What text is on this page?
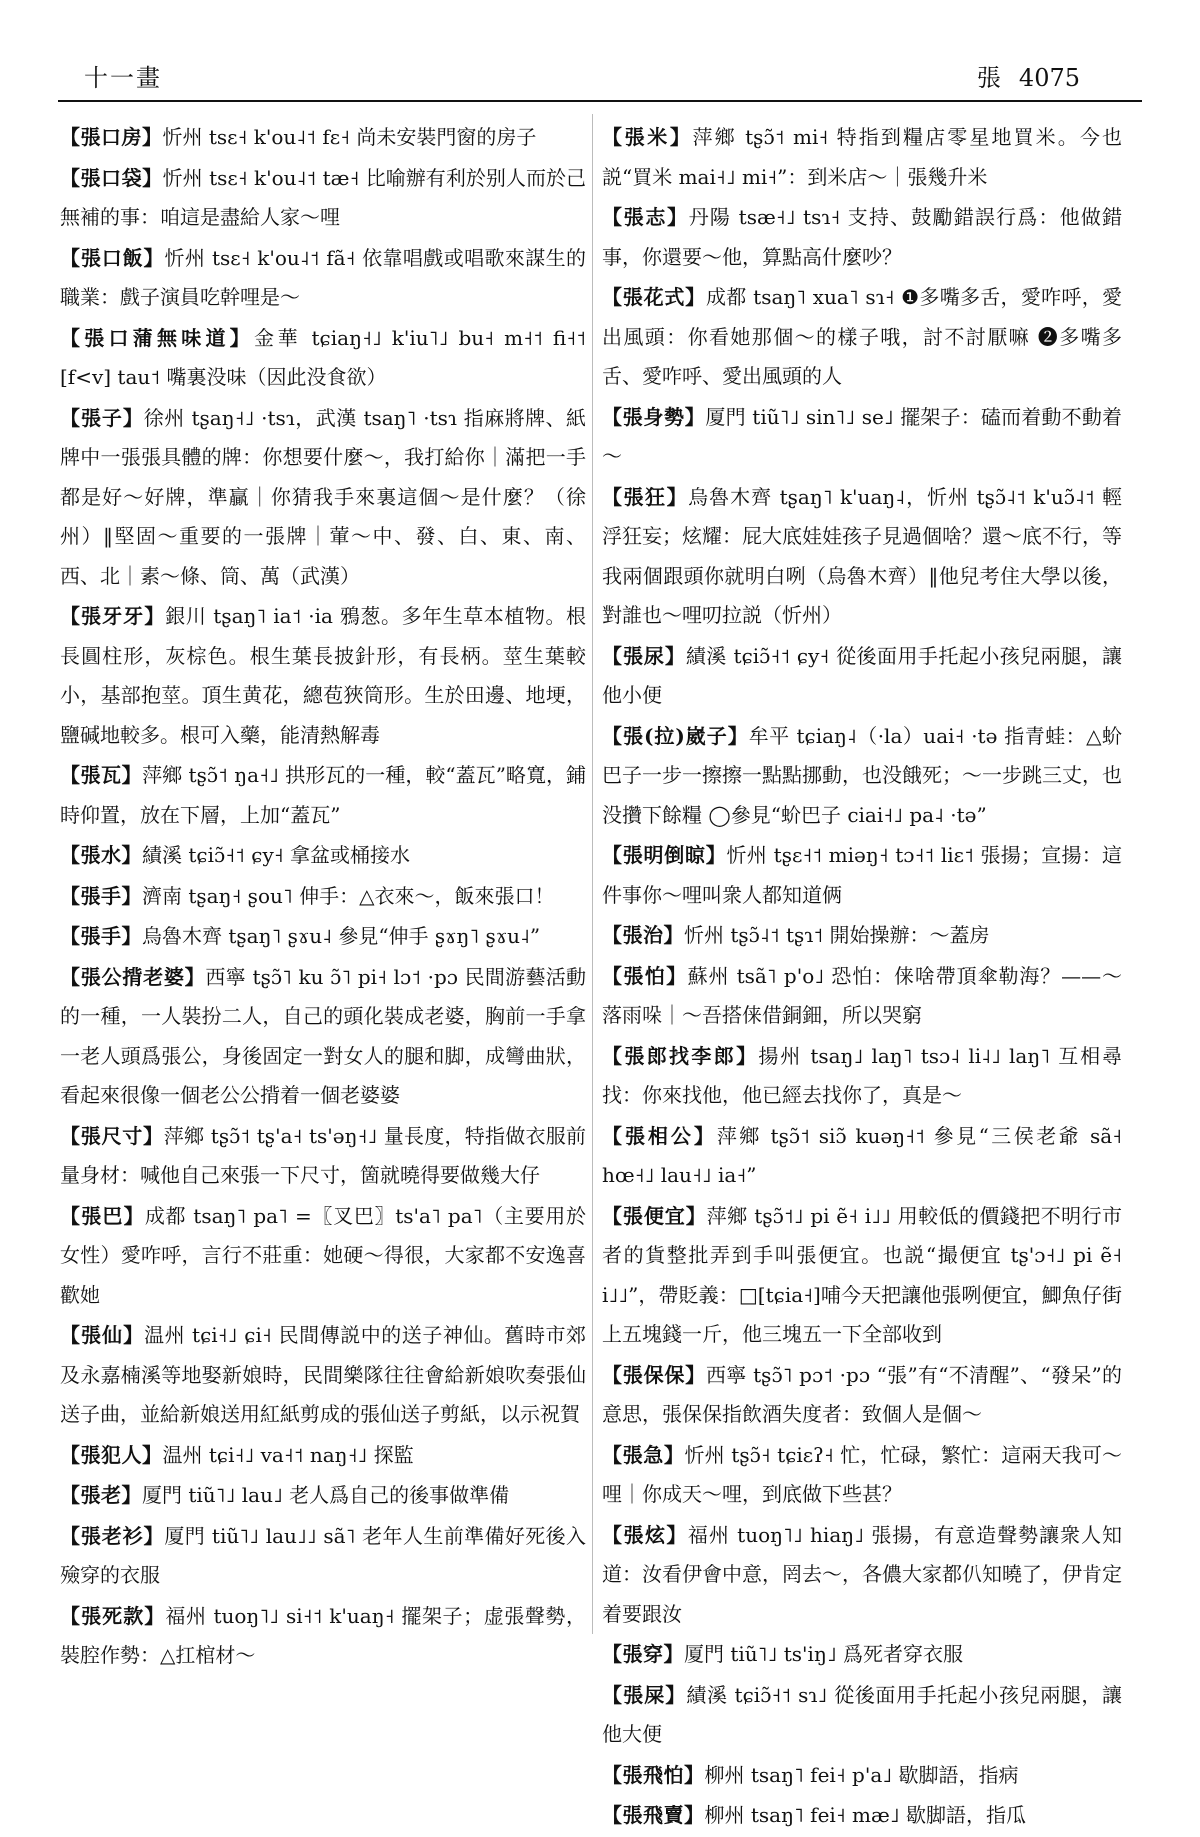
十一畫	張 4075

【張口房】忻州 tsɛ˧ k'ou˨˦ fɛ˧ 尚未安裝門窗的房子

【張口袋】忻州 tsɛ˧ k'ou˨˦ tæ˧ 比喻辦有利於别人而於己無補的事：咱這是盡給人家～哩

【張口飯】忻州 tsɛ˧ k'ou˨˦ fã˧ 依靠唱戲或唱歌來謀生的職業：戲子演員吃幹哩是～

【張口蒲無味道】金華 tɕiaŋ˧˩ k'iu˥˩ bu˧ m˧˦ fi˧˦ [f<v] tau˦ 嘴裏没味（因此没食欲）

【張子】徐州 tʂaŋ˧˩ ·tsɿ，武漢 tsaŋ˥ ·tsɿ 指麻將牌、紙牌中一張張具體的牌：你想要什麼～，我打給你｜滿把一手都是好～好牌，準贏｜你猜我手來裏這個～是什麼？（徐州）‖堅固～重要的一張牌｜葷～中、發、白、東、南、西、北｜素～條、筒、萬（武漢）

【張牙牙】銀川 tʂaŋ˥ ia˦ ·ia 鴉葱。多年生草本植物。根長圓柱形，灰棕色。根生葉長披針形，有長柄。莖生葉較小，基部抱莖。頂生黄花，總苞狹筒形。生於田邊、地埂，鹽碱地較多。根可入藥，能清熱解毒

【張瓦】萍鄉 tʂɔ̃˦ ŋa˧˩ 拱形瓦的一種，較“蓋瓦”略寬，鋪時仰置，放在下層，上加“蓋瓦”

【張水】績溪 tɕiɔ̃˧˦ ɕy˧ 拿盆或桶接水

【張手】濟南 tʂaŋ˧ ʂou˥ 伸手：△衣來～，飯來張口！

【張手】烏魯木齊 tʂaŋ˥ ʂɤu˨ 參見“伸手 ʂɤŋ˥ ʂɤu˨”

【張公揹老婆】西寧 tʂɔ̃˥ ku ɔ̃˥ pi˧ lɔ˦ ·pɔ 民間游藝活動的一種，一人裝扮二人，自己的頭化裝成老婆，胸前一手拿一老人頭爲張公，身後固定一對女人的腿和脚，成彎曲狀，看起來很像一個老公公揹着一個老婆婆

【張尺寸】萍鄉 tʂɔ̃˦ tʂ'a˧ ts'əŋ˧˩ 量長度，特指做衣服前量身材：喊他自己來張一下尺寸，箇就曉得要做幾大仔

【張巴】成都 tsaŋ˥ pa˥ =〖叉巴〗ts'a˥ pa˥（主要用於女性）愛咋呼，言行不莊重：她硬～得很，大家都不安逸喜歡她

【張仙】温州 tɕi˧˩ ɕi˧ 民間傳説中的送子神仙。舊時市郊及永嘉楠溪等地娶新娘時，民間樂隊往往會給新娘吹奏張仙送子曲，並給新娘送用紅紙剪成的張仙送子剪紙，以示祝賀

【張犯人】温州 tɕi˧˩ va˧˦ naŋ˧˩ 探監

【張老】厦門 tiũ˥˩ lau˩ 老人爲自己的後事做準備

【張老衫】厦門 tiũ˥˩ lau˩˩ sã˥ 老年人生前準備好死後入殮穿的衣服

【張死款】福州 tuoŋ˥˩ si˧˦ k'uaŋ˧ 擺架子；虚張聲勢，裝腔作勢：△扛棺材～

【張米】萍鄉 tʂɔ̃˦ mi˧ 特指到糧店零星地買米。今也説“買米 mai˧˩ mi˧”：到米店～｜張幾升米

【張志】丹陽 tsæ˧˩ tsɿ˧ 支持、鼓勵錯誤行爲：他做錯事，你還要～他，算點高什麼吵？

【張花式】成都 tsaŋ˥ xua˥ sɿ˧ ❶多嘴多舌，愛咋呼，愛出風頭：你看她那個～的樣子哦，討不討厭嘛 ❷多嘴多舌、愛咋呼、愛出風頭的人

【張身勢】厦門 tiũ˥˩ sin˥˩ se˩ 擺架子：磕而着動不動着～

【張狂】烏魯木齊 tʂaŋ˥ k'uaŋ˨，忻州 tʂɔ̃˨˦ k'uɔ̃˨˦ 輕浮狂妄；炫耀：屁大底娃娃孩子見過個啥？還～底不行，等我兩個跟頭你就明白咧（烏魯木齊）‖他兒考住大學以後，對誰也～哩叨拉説（忻州）

【張尿】績溪 tɕiɔ̃˧˦ ɕy˧ 從後面用手托起小孩兒兩腿，讓他小便

【張(拉)崴子】牟平 tɕiaŋ˨（·la）uai˧ ·tə 指青蛙：△蚧巴子一步一擦擦一點點挪動，也没餓死；～一步跳三丈，也没攢下餘糧 ◯參見“蚧巴子 ciai˧˩ pa˨ ·tə”

【張明倒晾】忻州 tʂɛ˧˦ miəŋ˧ tɔ˧˦ liɛ˦ 張揚；宣揚：這件事你～哩叫衆人都知道俩

【張治】忻州 tʂɔ̃˨˦ tʂɿ˦ 開始操辦：～蓋房

【張怕】蘇州 tsã˥ p'o˩ 恐怕：俫啥帶頂傘勒海？——～落雨哚｜～吾搭俫借銅鈿，所以哭窮

【張郎找李郎】揚州 tsaŋ˩ laŋ˥ tsɔ˨ li˨˩ laŋ˥ 互相尋找：你來找他，他已經去找你了，真是～

【張相公】萍鄉 tʂɔ̃˦ siɔ̃ kuəŋ˧˦ 參見“三侯老爺 sã˧ hœ˧˩ lau˧˩ ia˧”

【張便宜】萍鄉 tʂɔ̃˦˩ pi ẽ˧ i˩˩ 用較低的價錢把不明行市者的貨整批弄到手叫張便宜。也説“撮便宜 tʂ'ɔ˧˩ pi ẽ˧ i˩˩”，帶貶義：□[tɕia˧]哺今天把讓他張咧便宜，鯽魚仔街上五塊錢一斤，他三塊五一下全部收到

【張保保】西寧 tʂɔ̃˥ pɔ˦ ·pɔ “張”有“不清醒”、“發呆”的意思，張保保指飲酒失度者：致個人是個～

【張急】忻州 tʂɔ̃˧ tɕiɛʔ˧ 忙，忙碌，繁忙：這兩天我可～哩｜你成天～哩，到底做下些甚？

【張炫】福州 tuoŋ˥˩ hiaŋ˩ 張揚，有意造聲勢讓衆人知道：汝看伊會中意，罔去～，各儂大家都仈知曉了，伊肯定着要跟汝

【張穿】厦門 tiũ˥˩ ts'iŋ˩ 爲死者穿衣服

【張屎】績溪 tɕiɔ̃˧˦ sɿ˩ 從後面用手托起小孩兒兩腿，讓他大便

【張飛怕】柳州 tsaŋ˥ fei˧ p'a˩ 歇脚語，指病

【張飛賣】柳州 tsaŋ˥ fei˧ mæ˩ 歇脚語，指瓜
